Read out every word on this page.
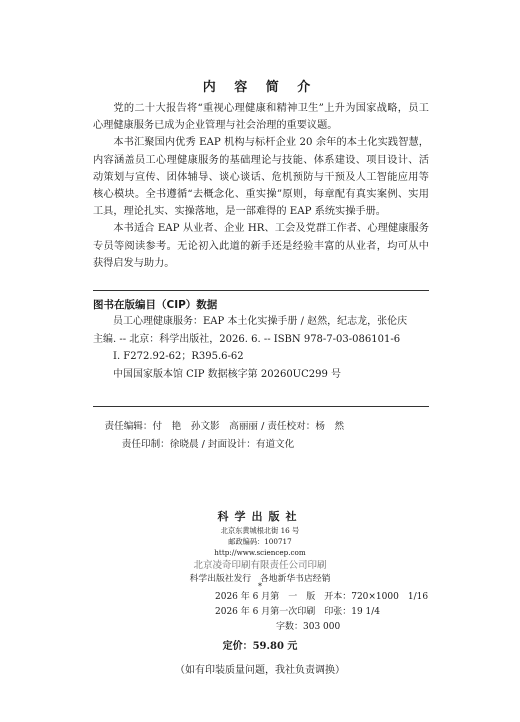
内 容 简 介

党的二十大报告将“重视心理健康和精神卫生”上升为国家战略，员工心理健康服务已成为企业管理与社会治理的重要议题。

本书汇聚国内优秀 EAP 机构与标杆企业 20 余年的本土化实践智慧，内容涵盖员工心理健康服务的基础理论与技能、体系建设、项目设计、活动策划与宣传、团体辅导、谈心谈话、危机预防与干预及人工智能应用等核心模块。全书遵循“去概念化、重实操”原则，每章配有真实案例、实用工具，理论扎实、实操落地，是一部难得的 EAP 系统实操手册。

本书适合 EAP 从业者、企业 HR、工会及党群工作者、心理健康服务专员等阅读参考。无论初入此道的新手还是经验丰富的从业者，均可从中获得启发与助力。

图书在版编目（CIP）数据
员工心理健康服务：EAP 本土化实操手册 / 赵然，纪志龙，张伦庆
主编. -- 北京：科学出版社，2026. 6. -- ISBN 978-7-03-086101-6
Ⅰ. F272.92-62；R395.6-62
中国国家版本馆 CIP 数据核字第 20260UC299 号
责任编辑：付　艳　孙文影　高丽丽 / 责任校对：杨　然
责任印制：徐晓晨 / 封面设计：有道文化
科学出版社
北京东黄城根北街 16 号
邮政编码：100717
http://www.sciencep.com
北京凌奇印刷有限责任公司印刷
科学出版社发行　各地新华书店经销
*
2026 年 6 月第　一　版　开本：720×1000　1/16
2026 年 6 月第一次印刷　印张：19 1/4
字数：303 000
定价：59.80 元
（如有印装质量问题，我社负责调换）
